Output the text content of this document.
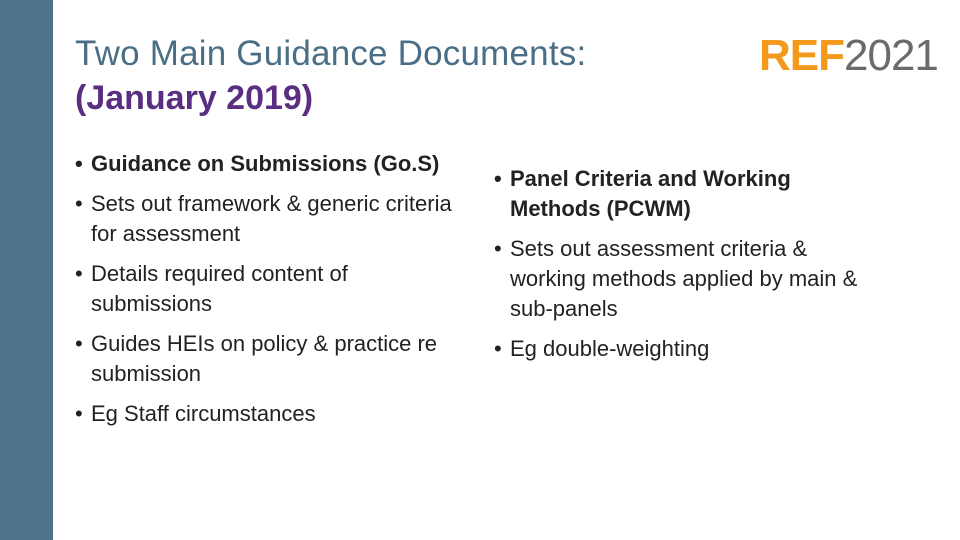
Two Main Guidance Documents:
(January 2019)
REF2021
• Guidance on Submissions (Go.S)
• Sets out framework & generic criteria for assessment
• Details required content of submissions
• Guides HEIs on policy & practice re submission
• Eg Staff circumstances
• Panel Criteria and Working Methods (PCWM)
• Sets out assessment criteria & working methods applied by main & sub-panels
• Eg double-weighting
